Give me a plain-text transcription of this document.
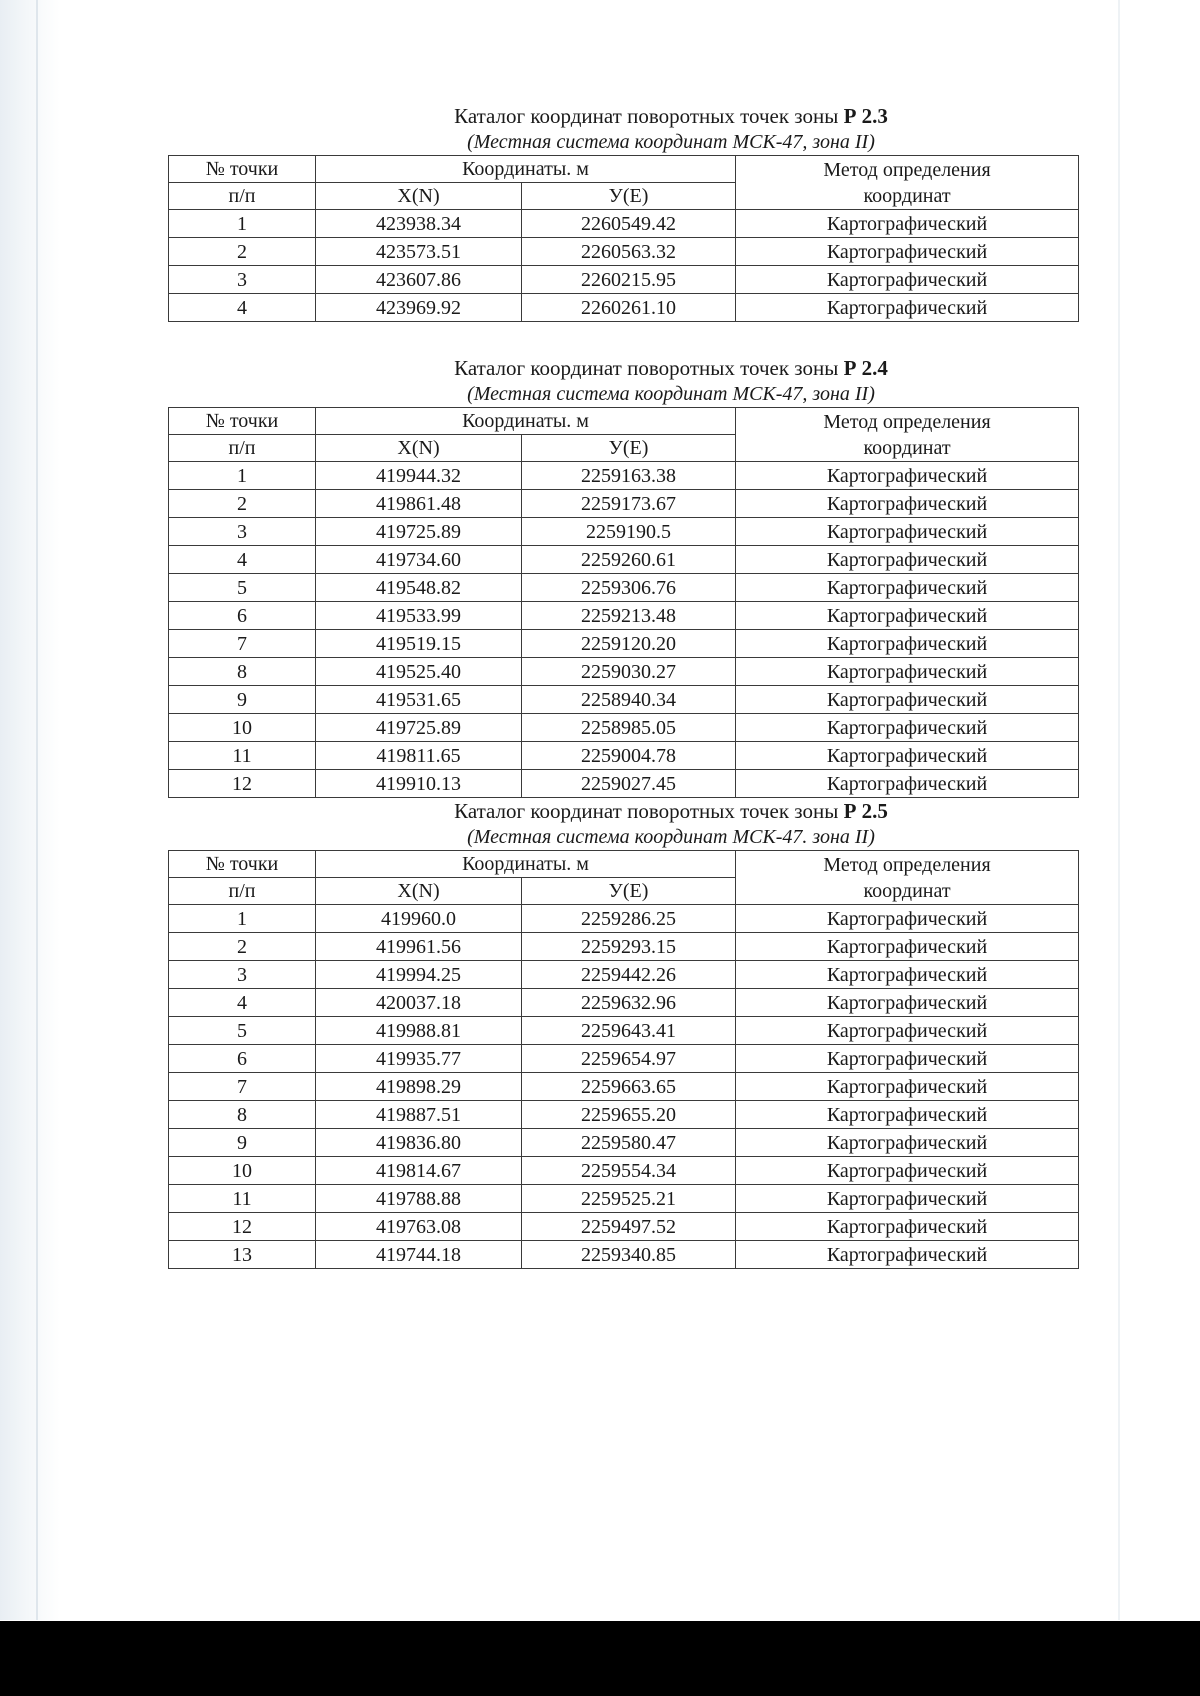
Каталог координат поворотных точек зоны Р 2.3
(Местная система координат МСК-47, зона II)
№ точки	Координаты. м		Метод определения
координат

п/п	X(N)	У(Е)	
1	423938.34	2260549.42	Картографический
2	423573.51	2260563.32	Картографический
3	423607.86	2260215.95	Картографический
4	423969.92	2260261.10	Картографический
Каталог координат поворотных точек зоны Р 2.4
(Местная система координат МСК-47, зона II)
№ точки	Координаты. м		Метод определения
координат

п/п	X(N)	У(Е)	
1	419944.32	2259163.38	Картографический
2	419861.48	2259173.67	Картографический
3	419725.89	2259190.5	Картографический
4	419734.60	2259260.61	Картографический
5	419548.82	2259306.76	Картографический
6	419533.99	2259213.48	Картографический
7	419519.15	2259120.20	Картографический
8	419525.40	2259030.27	Картографический
9	419531.65	2258940.34	Картографический
10	419725.89	2258985.05	Картографический
11	419811.65	2259004.78	Картографический
12	419910.13	2259027.45	Картографический
Каталог координат поворотных точек зоны Р 2.5
(Местная система координат МСК-47. зона II)
№ точки	Координаты. м		Метод определения
координат

п/п	X(N)	У(Е)	
1	419960.0	2259286.25	Картографический
2	419961.56	2259293.15	Картографический
3	419994.25	2259442.26	Картографический
4	420037.18	2259632.96	Картографический
5	419988.81	2259643.41	Картографический
6	419935.77	2259654.97	Картографический
7	419898.29	2259663.65	Картографический
8	419887.51	2259655.20	Картографический
9	419836.80	2259580.47	Картографический
10	419814.67	2259554.34	Картографический
11	419788.88	2259525.21	Картографический
12	419763.08	2259497.52	Картографический
13	419744.18	2259340.85	Картографический
